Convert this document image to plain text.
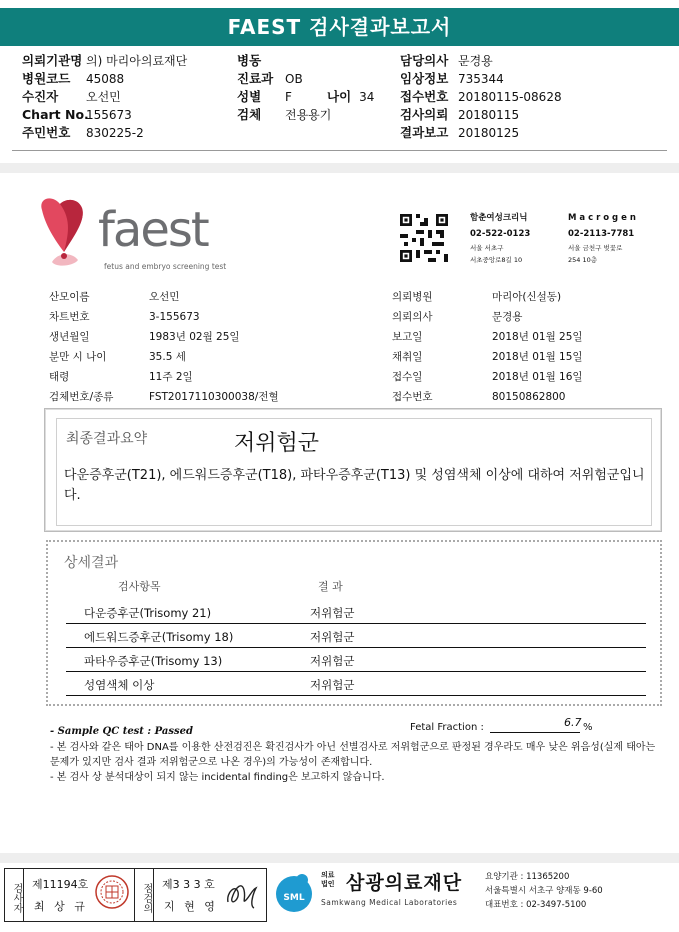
FAEST 검사결과보고서
의뢰기관명 의) 마리아의료재단
병원코드 45088
수진자 오선민
Chart No.155673
주민번호 830225-2
병동
진료과 OB
성별 F	나이 34
검체 전용용기
담당의사 문경용
임상정보 735344
접수번호 20180115-08628
검사의뢰 20180115
결과보고 20180125
faest
fetus and embryo screening test
함춘여성크리닉
02-522-0123
서울 서초구
서초중앙로8길 10
M a c r o g e n
02-2113-7781
서울 금천구 벚꽃로
254 10층
산모이름	오선민
차트번호	3-155673
생년월일	1983년 02월 25일
분만 시 나이	35.5 세
태령	11주 2일
검체번호/종류	FST2017110300038/전혈
의뢰병원	마리아(신설동)
의뢰의사	문경용
보고일	2018년 01월 25일
채취일	2018년 01월 15일
접수일	2018년 01월 16일
접수번호	80150862800
최종결과요약	저위험군
다운증후군(T21), 에드워드증후군(T18), 파타우증후군(T13) 및 성염색체 이상에 대하여 저위험군입니다.
상세결과
검사항목	결 과
다운증후군(Trisomy 21)	저위험군
에드워드증후군(Trisomy 18)	저위험군
파타우증후군(Trisomy 13)	저위험군
성염색체 이상	저위험군
- Sample QC test : Passed	Fetal Fraction :	6.7 %
- 본 검사와 같은 태아 DNA를 이용한 산전검진은 확진검사가 아닌 선별검사로 저위험군으로 판정된 경우라도 매우 낮은 위음성(실제 태아는 문제가 있지만 검사 결과 저위험군으로 나온 경우)의 가능성이 존재합니다.
- 본 검사 상 분석대상이 되지 않는 incidental finding은 보고하지 않습니다.
검사자 제11194호
최 상 규	점검의 제3 3 3 호
지 현 영
SML
의료
법인 삼광의료재단
Samkwang Medical Laboratories
요양기관 : 11365200
서울특별시 서초구 양재동 9-60
대표번호 : 02-3497-5100
